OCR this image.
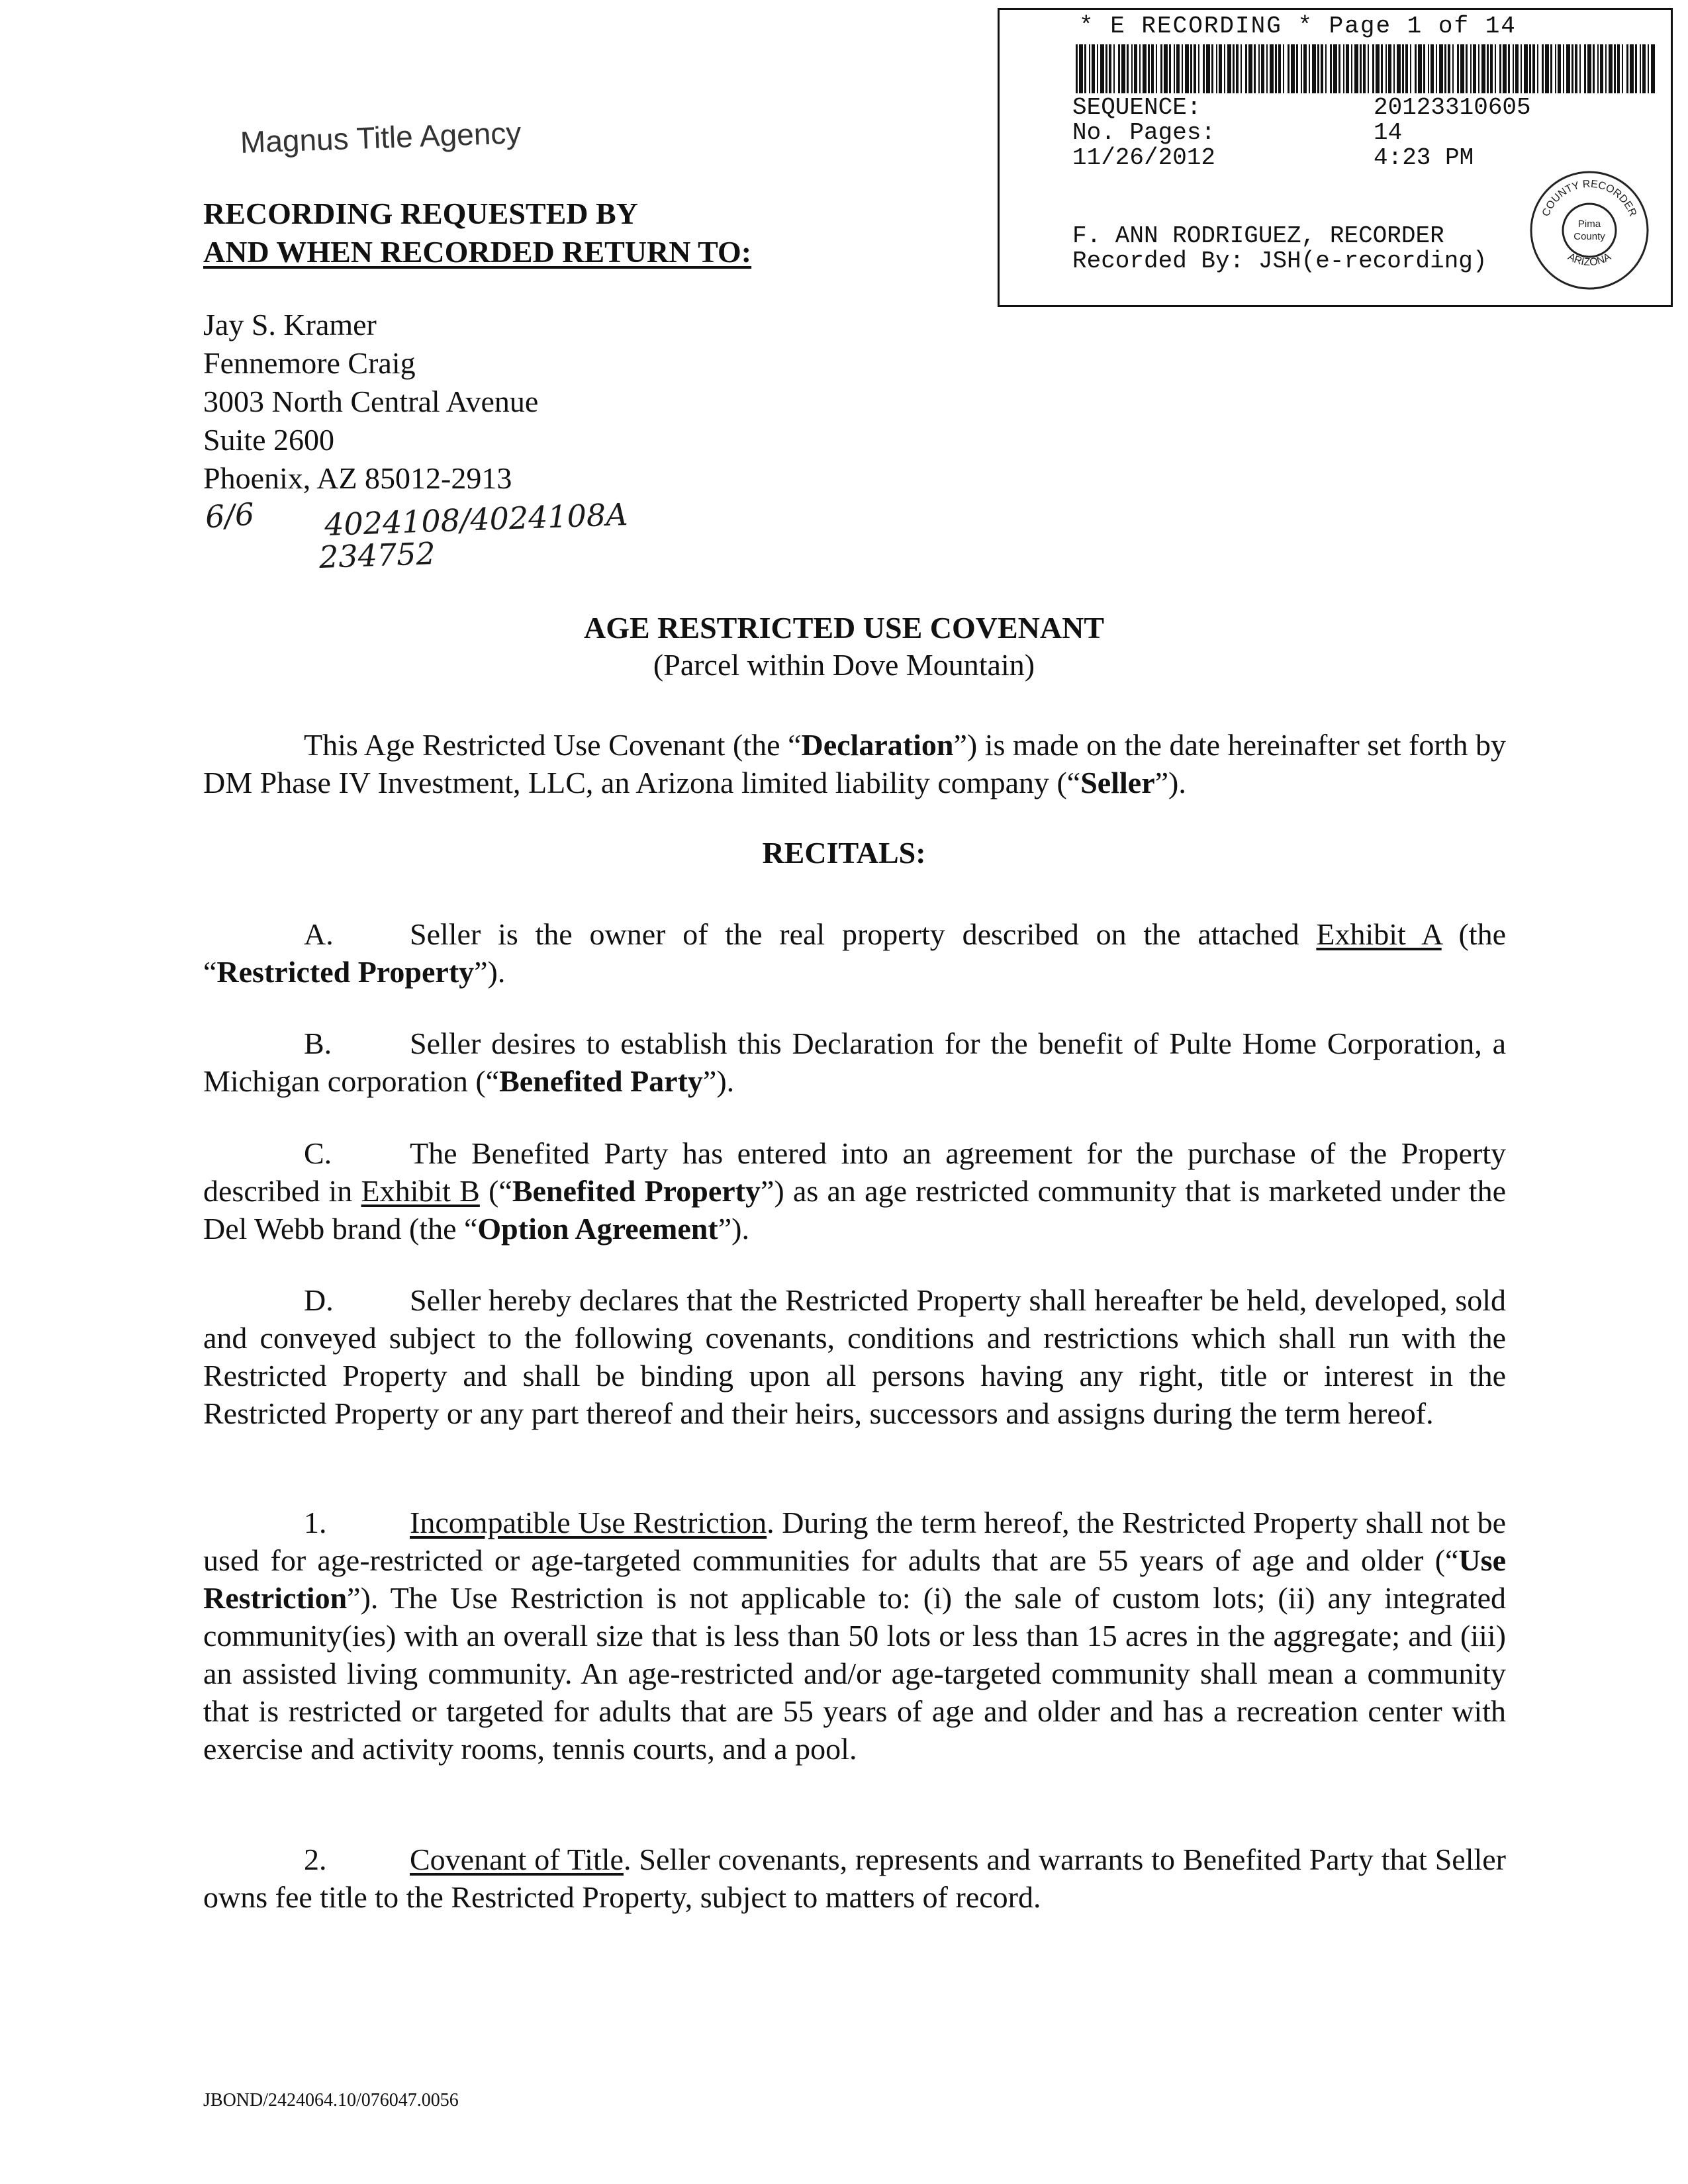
* E RECORDING * Page 1 of 14
SEQUENCE:	20123310605
No. Pages:	14
11/26/2012	4:23 PM
F. ANN RODRIGUEZ, RECORDER
Recorded By: JSH(e-recording)
COUNTY RECORDER
ARIZONA
Pima
County
Magnus Title Agency
RECORDING REQUESTED BY
AND WHEN RECORDED RETURN TO:
Jay S. Kramer
Fennemore Craig
3003 North Central Avenue
Suite 2600
Phoenix, AZ 85012-2913
6/6 4024108/4024108A
234752
AGE RESTRICTED USE COVENANT
(Parcel within Dove Mountain)
This Age Restricted Use Covenant (the “Declaration”) is made on the date hereinafter set forth by DM Phase IV Investment, LLC, an Arizona limited liability company (“Seller”).
RECITALS:
A.	Seller is the owner of the real property described on the attached Exhibit A (the “Restricted Property”).
B.	Seller desires to establish this Declaration for the benefit of Pulte Home Corporation, a Michigan corporation (“Benefited Party”).
C.	The Benefited Party has entered into an agreement for the purchase of the Property described in Exhibit B (“Benefited Property”) as an age restricted community that is marketed under the Del Webb brand (the “Option Agreement”).
D.	Seller hereby declares that the Restricted Property shall hereafter be held, developed, sold and conveyed subject to the following covenants, conditions and restrictions which shall run with the Restricted Property and shall be binding upon all persons having any right, title or interest in the Restricted Property or any part thereof and their heirs, successors and assigns during the term hereof.
1.	Incompatible Use Restriction. During the term hereof, the Restricted Property shall not be used for age-restricted or age-targeted communities for adults that are 55 years of age and older (“Use Restriction”). The Use Restriction is not applicable to: (i) the sale of custom lots; (ii) any integrated community(ies) with an overall size that is less than 50 lots or less than 15 acres in the aggregate; and (iii) an assisted living community. An age-restricted and/or age-targeted community shall mean a community that is restricted or targeted for adults that are 55 years of age and older and has a recreation center with exercise and activity rooms, tennis courts, and a pool.
2.	Covenant of Title. Seller covenants, represents and warrants to Benefited Party that Seller owns fee title to the Restricted Property, subject to matters of record.
JBOND/2424064.10/076047.0056
